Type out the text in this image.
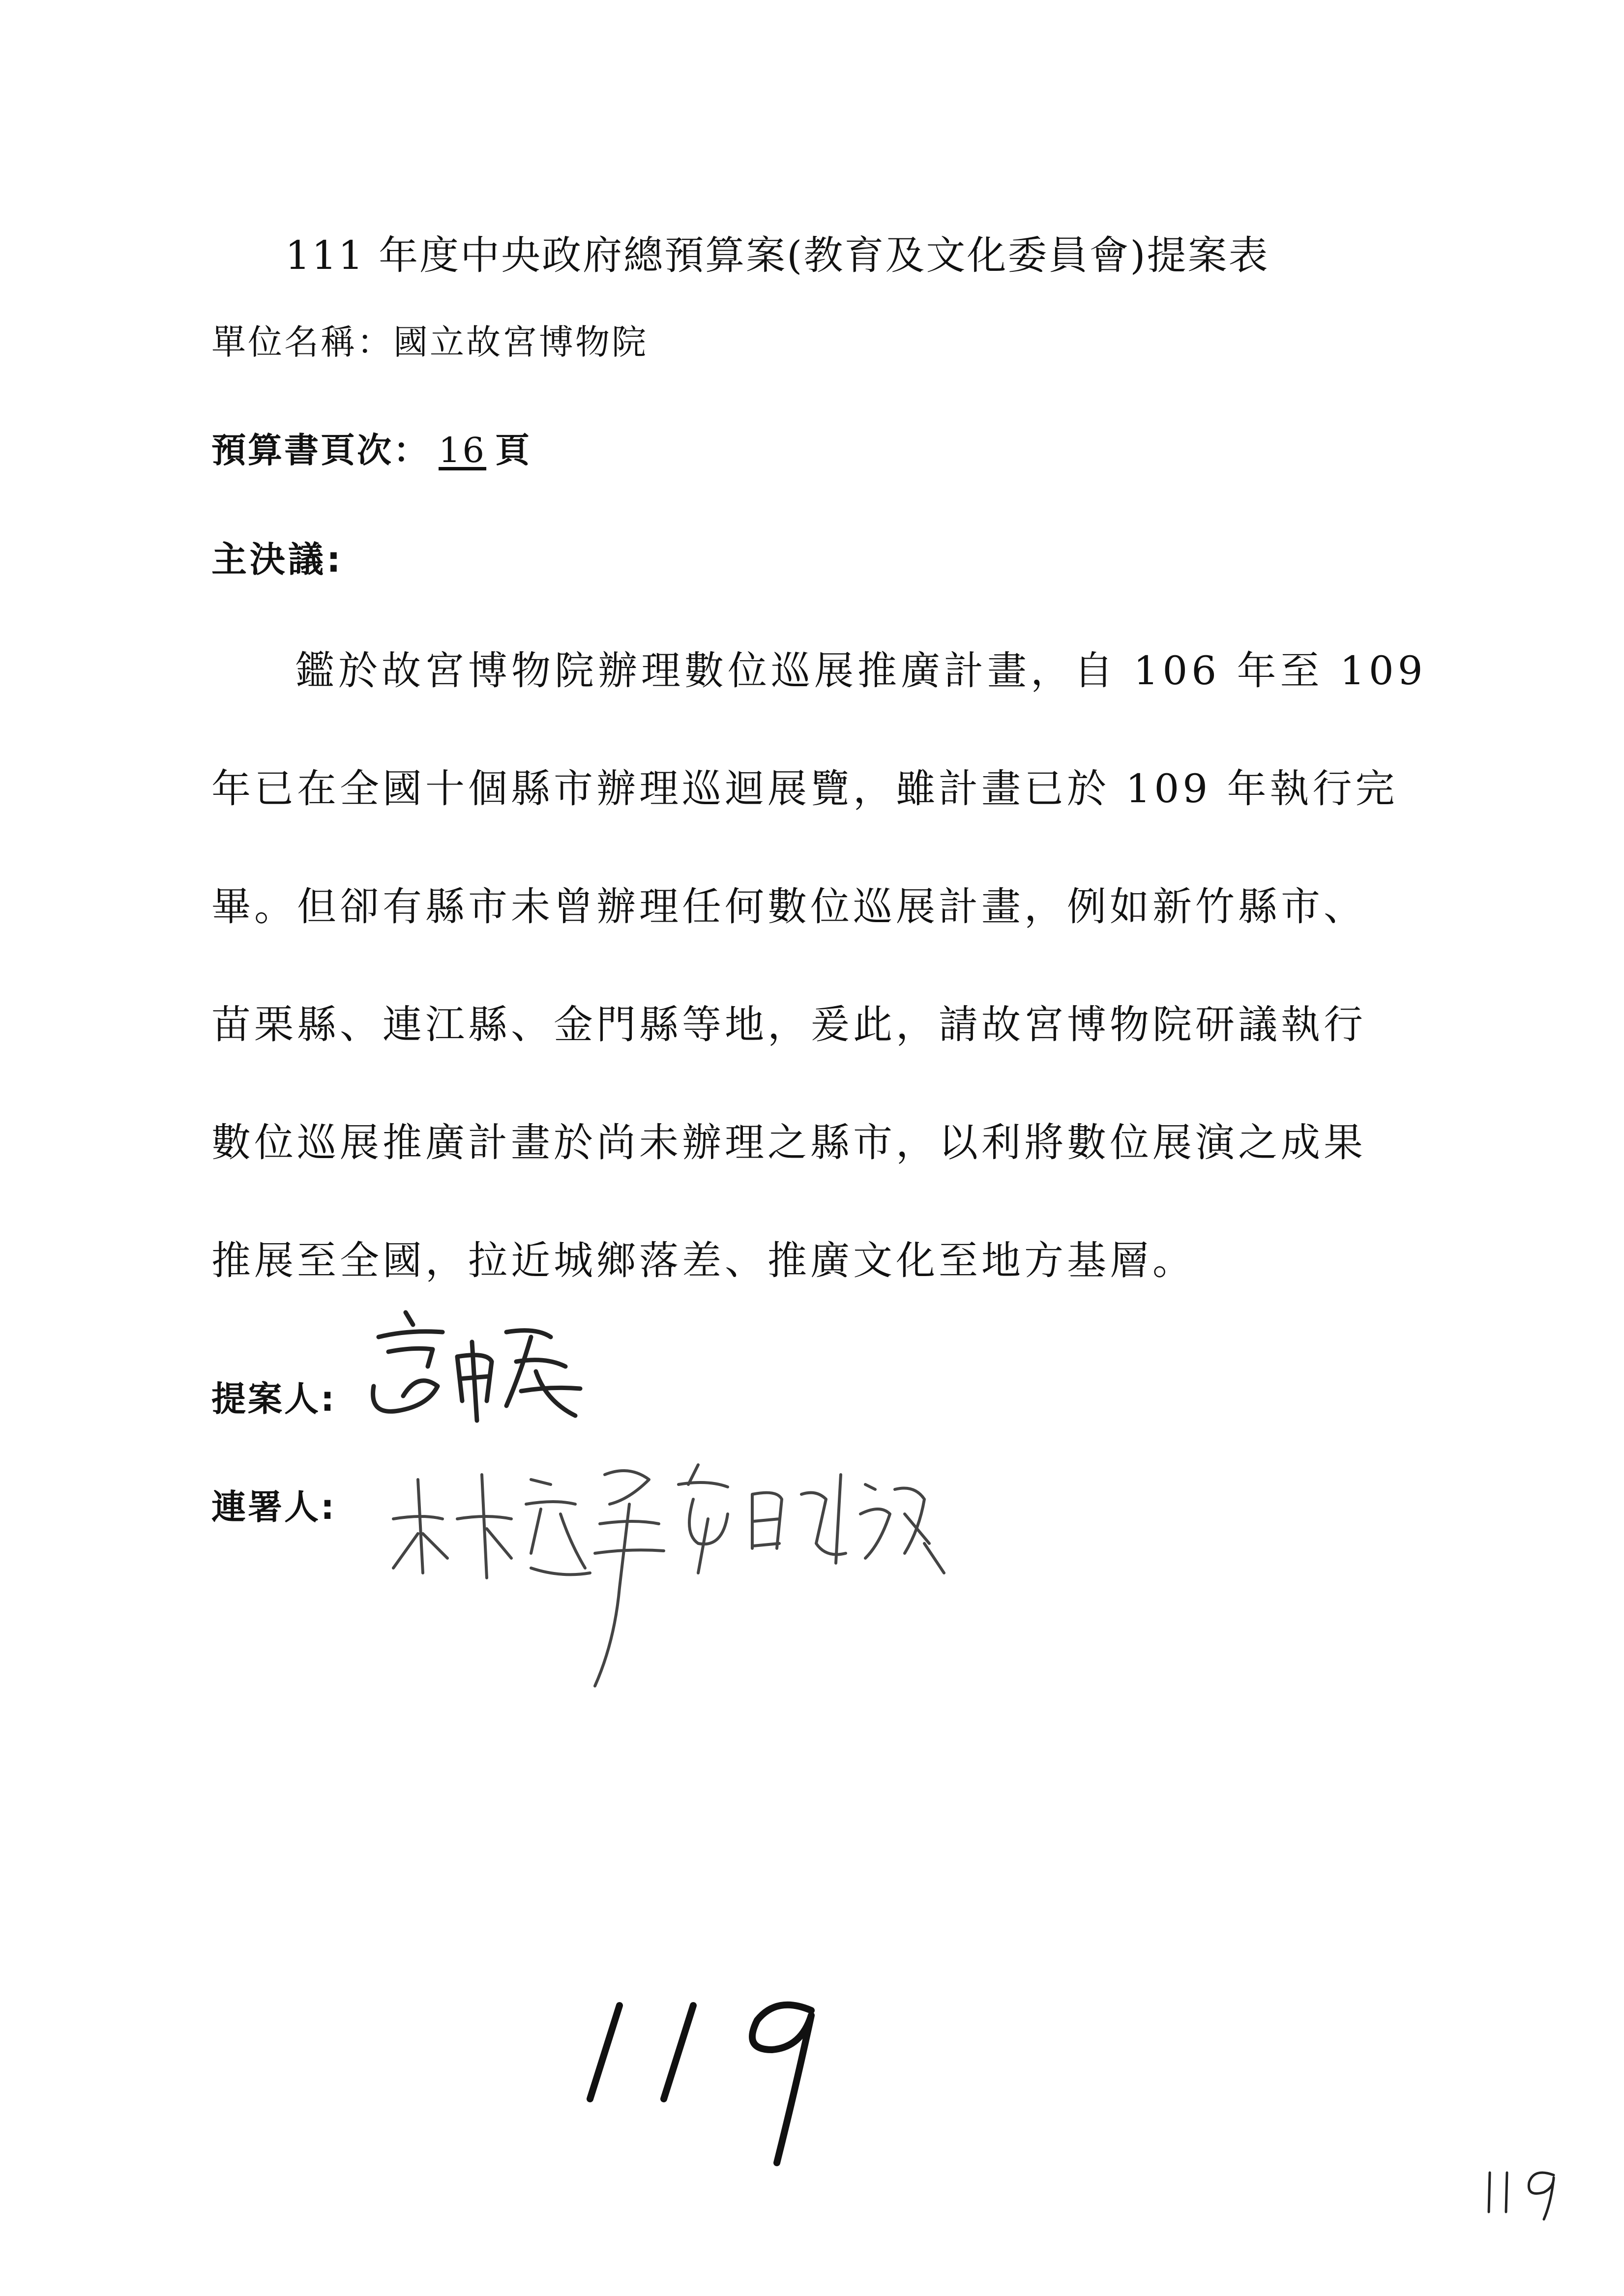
111 年度中央政府總預算案(教育及文化委員會)提案表
單位名稱：國立故宮博物院
預算書頁次： 16 頁
主決議:
鑑於故宮博物院辦理數位巡展推廣計畫，自 106 年至 109
年已在全國十個縣市辦理巡迴展覽，雖計畫已於 109 年執行完
畢。但卻有縣市未曾辦理任何數位巡展計畫，例如新竹縣市、
苗栗縣、連江縣、金門縣等地，爰此，請故宮博物院研議執行
數位巡展推廣計畫於尚未辦理之縣市，以利將數位展演之成果
推展至全國，拉近城鄉落差、推廣文化至地方基層。
提案人:
連署人:
119
119
